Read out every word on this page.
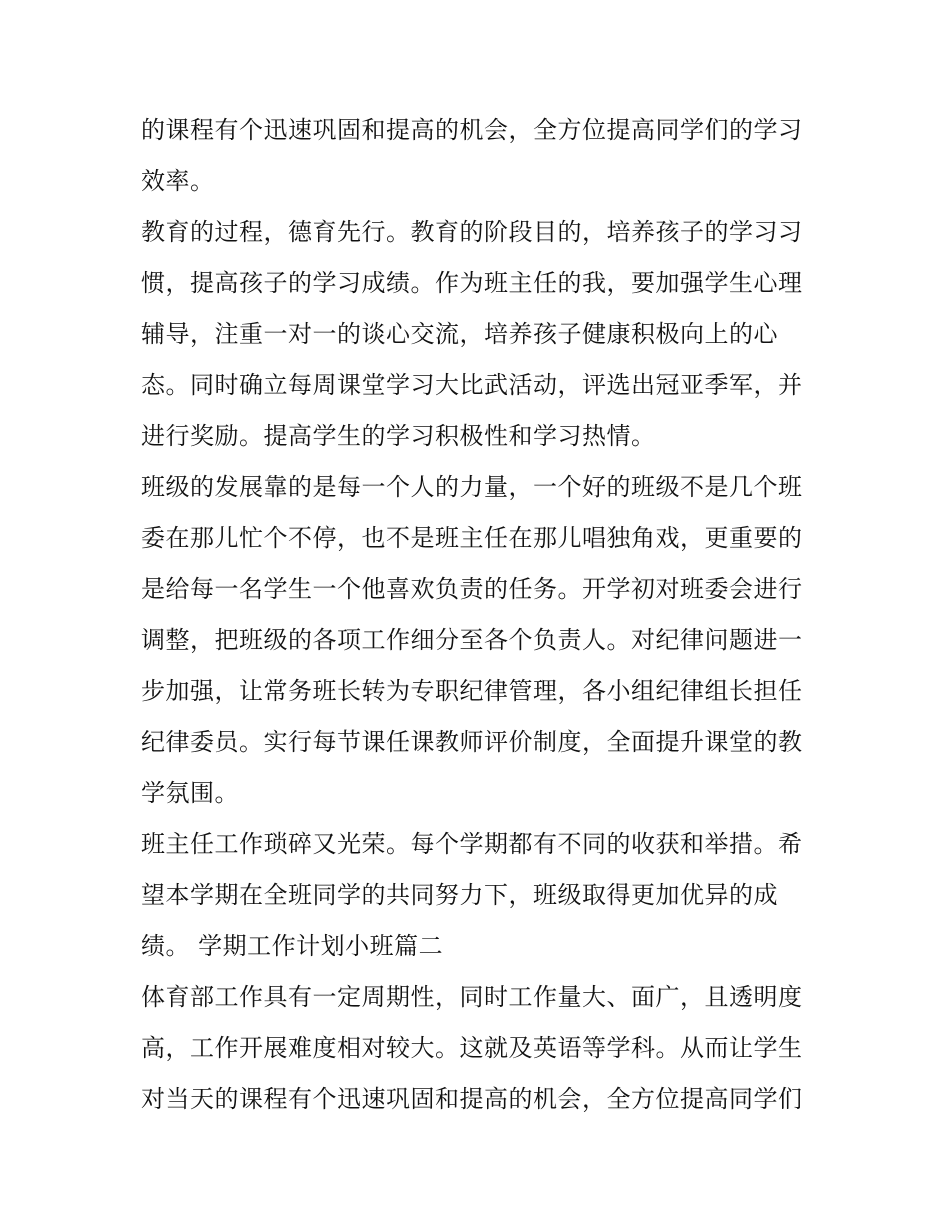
的课程有个迅速巩固和提高的机会，全方位提高同学们的学习
效率。
教育的过程，德育先行。教育的阶段目的，培养孩子的学习习
惯，提高孩子的学习成绩。作为班主任的我，要加强学生心理
辅导，注重一对一的谈心交流，培养孩子健康积极向上的心
态。同时确立每周课堂学习大比武活动，评选出冠亚季军，并
进行奖励。提高学生的学习积极性和学习热情。
班级的发展靠的是每一个人的力量，一个好的班级不是几个班
委在那儿忙个不停，也不是班主任在那儿唱独角戏，更重要的
是给每一名学生一个他喜欢负责的任务。开学初对班委会进行
调整，把班级的各项工作细分至各个负责人。对纪律问题进一
步加强，让常务班长转为专职纪律管理，各小组纪律组长担任
纪律委员。实行每节课任课教师评价制度，全面提升课堂的教
学氛围。
班主任工作琐碎又光荣。每个学期都有不同的收获和举措。希
望本学期在全班同学的共同努力下，班级取得更加优异的成
绩。 学期工作计划小班篇二
体育部工作具有一定周期性，同时工作量大、面广，且透明度
高，工作开展难度相对较大。这就及英语等学科。从而让学生
对当天的课程有个迅速巩固和提高的机会，全方位提高同学们
